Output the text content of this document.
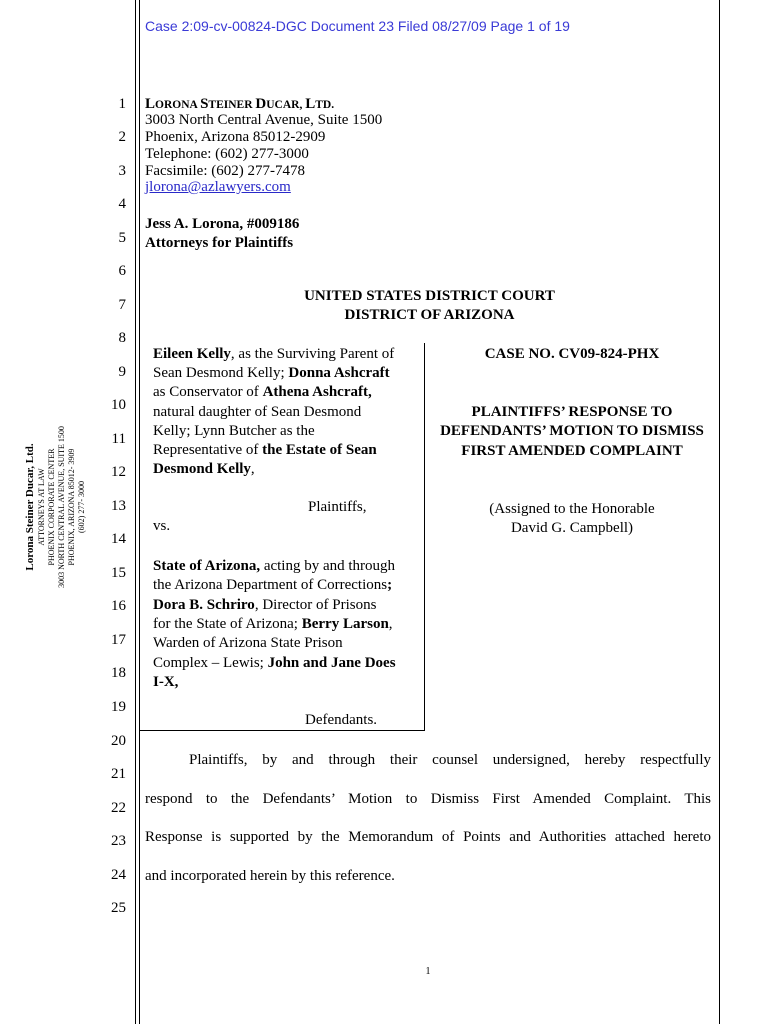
Case 2:09-cv-00824-DGC Document 23 Filed 08/27/09 Page 1 of 19
1
2
3
4
5
6
7
8
9
10
11
12
13
14
15
16
17
18
19
20
21
22
23
24
25
Lorona Steiner Ducar, Ltd. ATTORNEYS AT LAW PHOENIX CORPORATE CENTER 3003 NORTH CENTRAL AVENUE, SUITE 1500 PHOENIX, ARIZONA 85012- 3909 (602) 277- 3000
LORONA STEINER DUCAR, LTD.
3003 North Central Avenue, Suite 1500
Phoenix, Arizona 85012-2909
Telephone: (602) 277-3000
Facsimile: (602) 277-7478
jlorona@azlawyers.com
Jess A. Lorona, #009186
Attorneys for Plaintiffs
UNITED STATES DISTRICT COURT
DISTRICT OF ARIZONA
Eileen Kelly, as the Surviving Parent of
Sean Desmond Kelly; Donna Ashcraft
as Conservator of Athena Ashcraft,
natural daughter of Sean Desmond
Kelly; Lynn Butcher as the
Representative of the Estate of Sean
Desmond Kelly,
Plaintiffs,
vs.
State of Arizona, acting by and through
the Arizona Department of Corrections;
Dora B. Schriro, Director of Prisons
for the State of Arizona; Berry Larson,
Warden of Arizona State Prison
Complex – Lewis; John and Jane Does
I-X,
Defendants.
CASE NO. CV09-824-PHX
PLAINTIFFS’ RESPONSE TO
DEFENDANTS’ MOTION TO DISMISS
FIRST AMENDED COMPLAINT
(Assigned to the Honorable
David G. Campbell)
Plaintiffs, by and through their counsel undersigned, hereby respectfully
respond to the Defendants’ Motion to Dismiss First Amended Complaint. This
Response is supported by the Memorandum of Points and Authorities attached hereto
and incorporated herein by this reference.
1
